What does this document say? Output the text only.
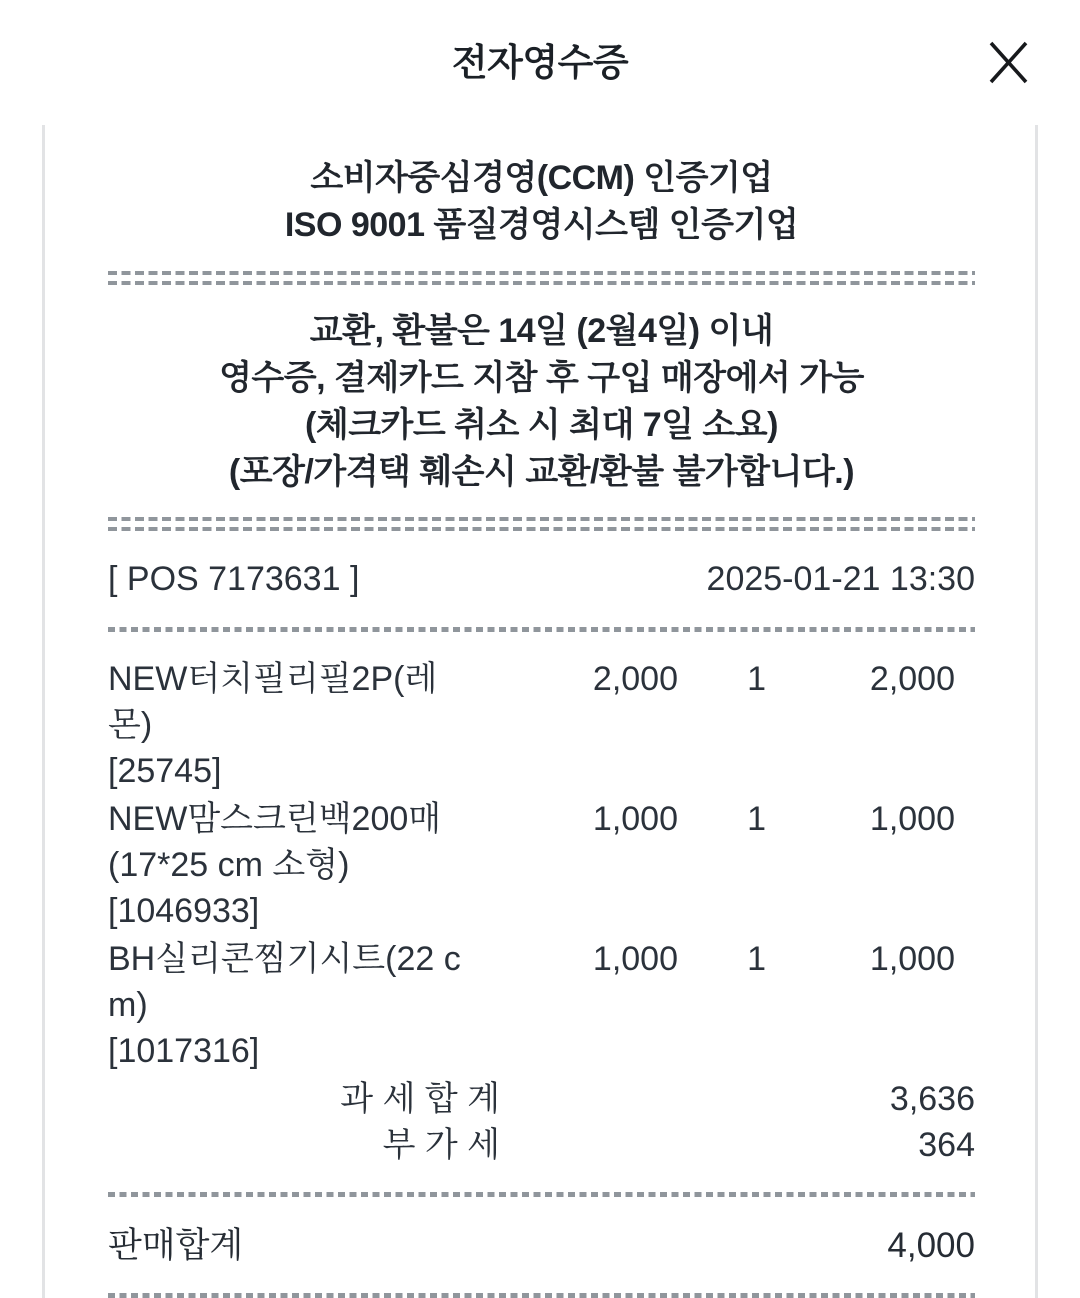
전자영수증
소비자중심경영(CCM) 인증기업
ISO 9001 품질경영시스템 인증기업
교환, 환불은 14일 (2월4일) 이내
영수증, 결제카드 지참 후 구입 매장에서 가능
(체크카드 취소 시 최대 7일 소요)
(포장/가격택 훼손시 교환/환불 불가합니다.)
[ POS 7173631 ]	2025-01-21 13:30
NEW터치필리필2P(레	2,000	1	2,000
몬)
[25745]
NEW맘스크린백200매	1,000	1	1,000
(17*25 cm 소형)
[1046933]
BH실리콘찜기시트(22 c	1,000	1	1,000
m)
[1017316]
과 세 합 계	3,636
부 가 세	364
판매합계	4,000
